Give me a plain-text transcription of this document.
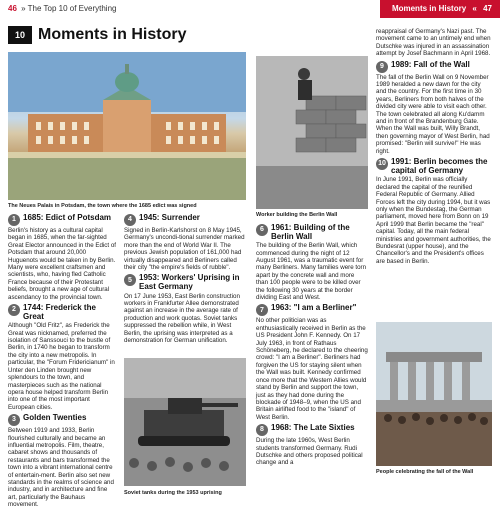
46 » The Top 10 of Everything	Moments in History « 47
10 Moments in History
The Neues Palais in Potsdam, the town where the 1685 edict was signed
Worker building the Berlin Wall
Soviet tanks during the 1953 uprising
People celebrating the fall of the Wall
1 1685: Edict of Potsdam
Berlin's history as a cultural capital began in 1685, when the far-sighted Great Elector announced in the Edict of Potsdam that around 20,000 Huguenots would be taken in by Berlin. Many were excellent craftsmen and scientists, who, having fled Catholic France because of their Protestant beliefs, brought a new age of cultural ascendancy to the provincial town.
2 1744: Frederick the Great
Although "Old Fritz", as Frederick the Great was nicknamed, preferred the isolation of Sanssouci to the bustle of Berlin, in 1740 he began to transform the city into a new metropolis. In particular, the "Forum Fridericianum" in Unter den Linden brought new splendours to the town, and masterpieces such as the national opera house helped transform Berlin into one of the most important European cities.
3 Golden Twenties
Between 1919 and 1933, Berlin flourished culturally and became an influential metropolis. Film, theatre, cabaret shows and thousands of restaurants and bars transformed the town into a vibrant international centre of entertain-ment. Berlin also set new standards in the realms of science and industry, and in architecture and fine art, particularly the Bauhaus movement.
4 1945: Surrender
Signed in Berlin-Karlshorst on 8 May 1945, Germany's uncondi-tional surrender marked more than the end of World War II. The previous Jewish population of 161,000 had virtually disappeared and Berliners called their city "the empire's fields of rubble".
5 1953: Workers' Uprising in East Germany
On 17 June 1953, East Berlin construction workers in Frankfurter Allee demonstrated against an increase in the average rate of production and work quotas. Soviet tanks suppressed the rebellion while, in West Berlin, the uprising was interpreted as a demonstration for German unification.
6 1961: Building of the Berlin Wall
The building of the Berlin Wall, which commenced during the night of 12 August 1961, was a traumatic event for many Berliners. Many families were torn apart by the concrete wall and more than 100 people were to be killed over the following 30 years at the border dividing East and West.
7 1963: "I am a Berliner"
No other politician was as enthusiastically received in Berlin as the US President John F. Kennedy. On 17 July 1963, in front of Rathaus Schöneberg, he declared to the cheering crowd: "I am a Berliner". Berliners had forgiven the US for staying silent when the Wall was built. Kennedy confirmed once more that the Western Allies would stand by Berlin and support the town, just as they had done during the blockade of 1948–9, when the US and Britain airlifted food to the "island" of West Berlin.
8 1968: The Late Sixties
During the late 1960s, West Berlin students transformed Germany. Rudi Dutschke and others proposed political change and a
reappraisal of Germany's Nazi past. The movement came to an untimely end when Dutschke was injured in an assassination attempt by Josef Bachmann in April 1968.
9 1989: Fall of the Wall
The fall of the Berlin Wall on 9 November 1989 heralded a new dawn for the city and the country. For the first time in 30 years, Berliners from both halves of the divided city were able to visit each other. The town celebrated all along Ku'damm and in front of the Brandenburg Gate. When the Wall was built, Willy Brandt, then governing mayor of West Berlin, had promised: "Berlin will survive!" He was right.
10 1991: Berlin becomes the capital of Germany
In June 1991, Berlin was officially declared the capital of the reunified Federal Republic of Germany. Allied Forces left the city during 1994, but it was only when the Bundestag, the German parliament, moved here from Bonn on 19 April 1999 that Berlin became the "real" capital. Today, all the main federal ministries and government authorities, the Bundesrat (upper house), and the Chancellor's and the President's offices are based in Berlin.
